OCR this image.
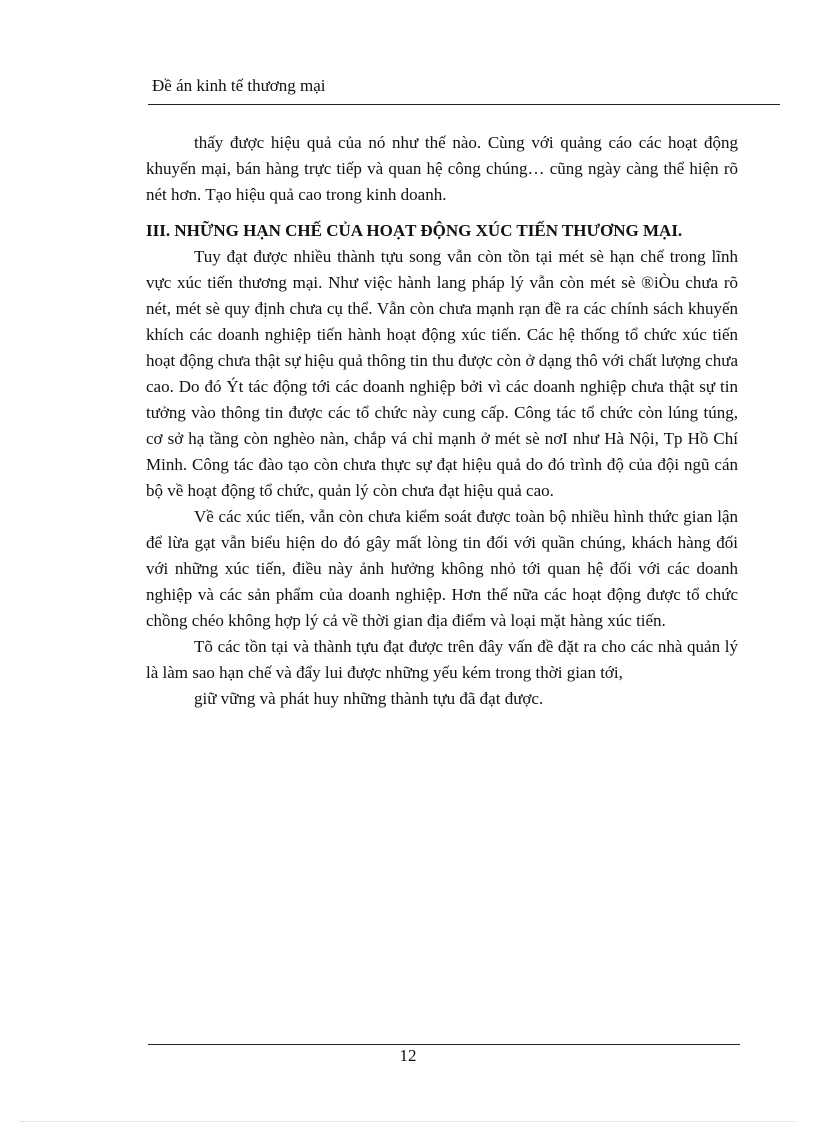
Đề án kinh tế thương mại

thấy được hiệu quả của nó như thế nào. Cùng với quảng cáo các hoạt động khuyến mại, bán hàng trực tiếp và quan hệ công chúng… cũng ngày càng thể hiện rõ nét hơn. Tạo hiệu quả cao trong kinh doanh.

III. NHỮNG HẠN CHẾ CỦA HOẠT ĐỘNG XÚC TIẾN THƯƠNG MẠI.

Tuy đạt được nhiều thành tựu song vẫn còn tồn tại mét sè hạn chế trong lĩnh vực xúc tiến thương mại. Như việc hành lang pháp lý vẫn còn mét sè ®iÒu chưa rõ nét, mét sè quy định chưa cụ thể. Vẫn còn chưa mạnh rạn đề ra các chính sách khuyến khích các doanh nghiệp tiến hành hoạt động xúc tiến. Các hệ thống tổ chức xúc tiến hoạt động chưa thật sự hiệu quả thông tin thu được còn ở dạng thô với chất lượng chưa cao. Do đó Ýt tác động tới các doanh nghiệp bởi vì các doanh nghiệp chưa thật sự tin tưởng vào thông tin được các tổ chức này cung cấp. Công tác tổ chức còn lúng túng, cơ sở hạ tầng còn nghèo nàn, chắp vá chỉ mạnh ở mét sè nơI như Hà Nội, Tp Hồ Chí Minh. Công tác đào tạo còn chưa thực sự đạt hiệu quả do đó trình độ của đội ngũ cán bộ về hoạt động tổ chức, quản lý còn chưa đạt hiệu quả cao.

Về các xúc tiến, vẫn còn chưa kiểm soát được toàn bộ nhiều hình thức gian lận để lừa gạt vẫn biểu hiện do đó gây mất lòng tin đối với quần chúng, khách hàng đối với những xúc tiến, điều này ảnh hưởng không nhỏ tới quan hệ đối với các doanh nghiệp và các sản phẩm của doanh nghiệp. Hơn thế nữa các hoạt động được tổ chức chồng chéo không hợp lý cả về thời gian địa điểm và loại mặt hàng xúc tiến.

Tõ các tồn tại và thành tựu đạt được trên đây vấn đề đặt ra cho các nhà quản lý là làm sao hạn chế và đẩy lui được những yếu kém trong thời gian tới,

giữ vững và phát huy những thành tựu đã đạt được.

12
